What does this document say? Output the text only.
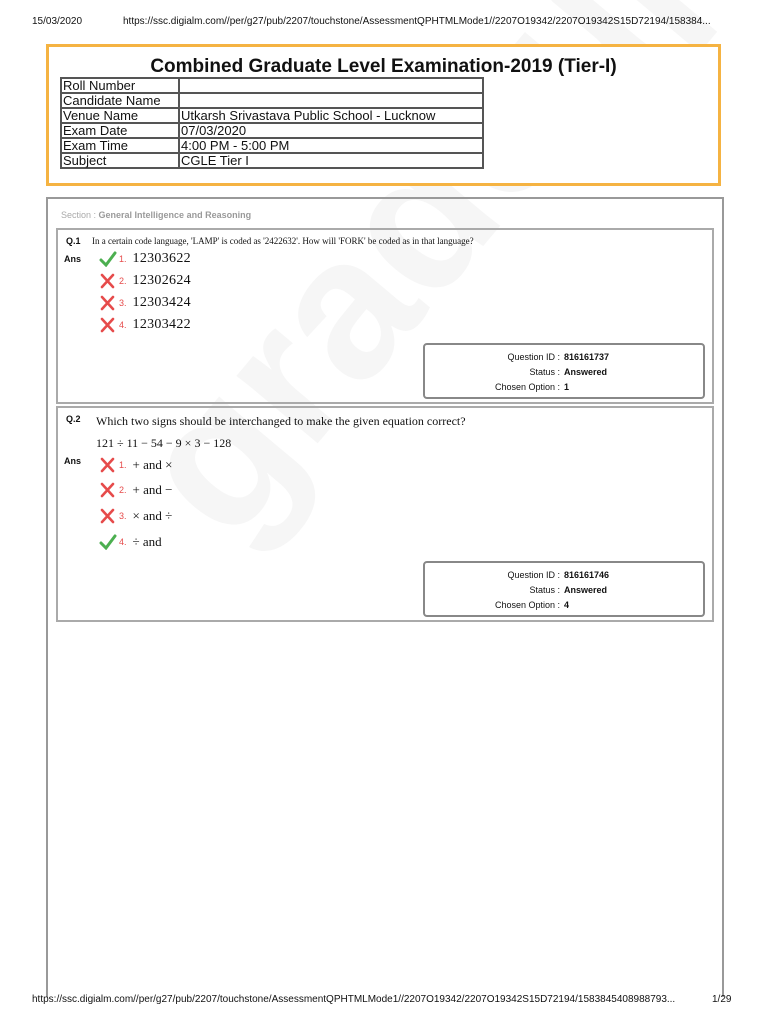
15/03/2020	https://ssc.digialm.com//per/g27/pub/2207/touchstone/AssessmentQPHTMLMode1//2207O19342/2207O19342S15D72194/158384...
Combined Graduate Level Examination-2019 (Tier-I)
Roll Number	
Candidate Name	
Venue Name	Utkarsh Srivastava Public School - Lucknow
Exam Date	07/03/2020
Exam Time	4:00 PM - 5:00 PM
Subject	CGLE Tier I
Section : General Intelligence and Reasoning
Q.1 In a certain code language, 'LAMP' is coded as '2422632'. How will 'FORK' be coded as in that language?
Ans	1. 12303622
2. 12302624
3. 12303424
4. 12303422
Question ID : 816161737
Status : Answered
Chosen Option : 1
Q.2 Which two signs should be interchanged to make the given equation correct?
121 ÷ 11 − 54 − 9 × 3 − 128
Ans	1. + and ×
2. + and −
3. × and ÷
4. ÷ and
Question ID : 816161746
Status : Answered
Chosen Option : 4
https://ssc.digialm.com//per/g27/pub/2207/touchstone/AssessmentQPHTMLMode1//2207O19342/2207O19342S15D72194/1583845408988793...	1/29
